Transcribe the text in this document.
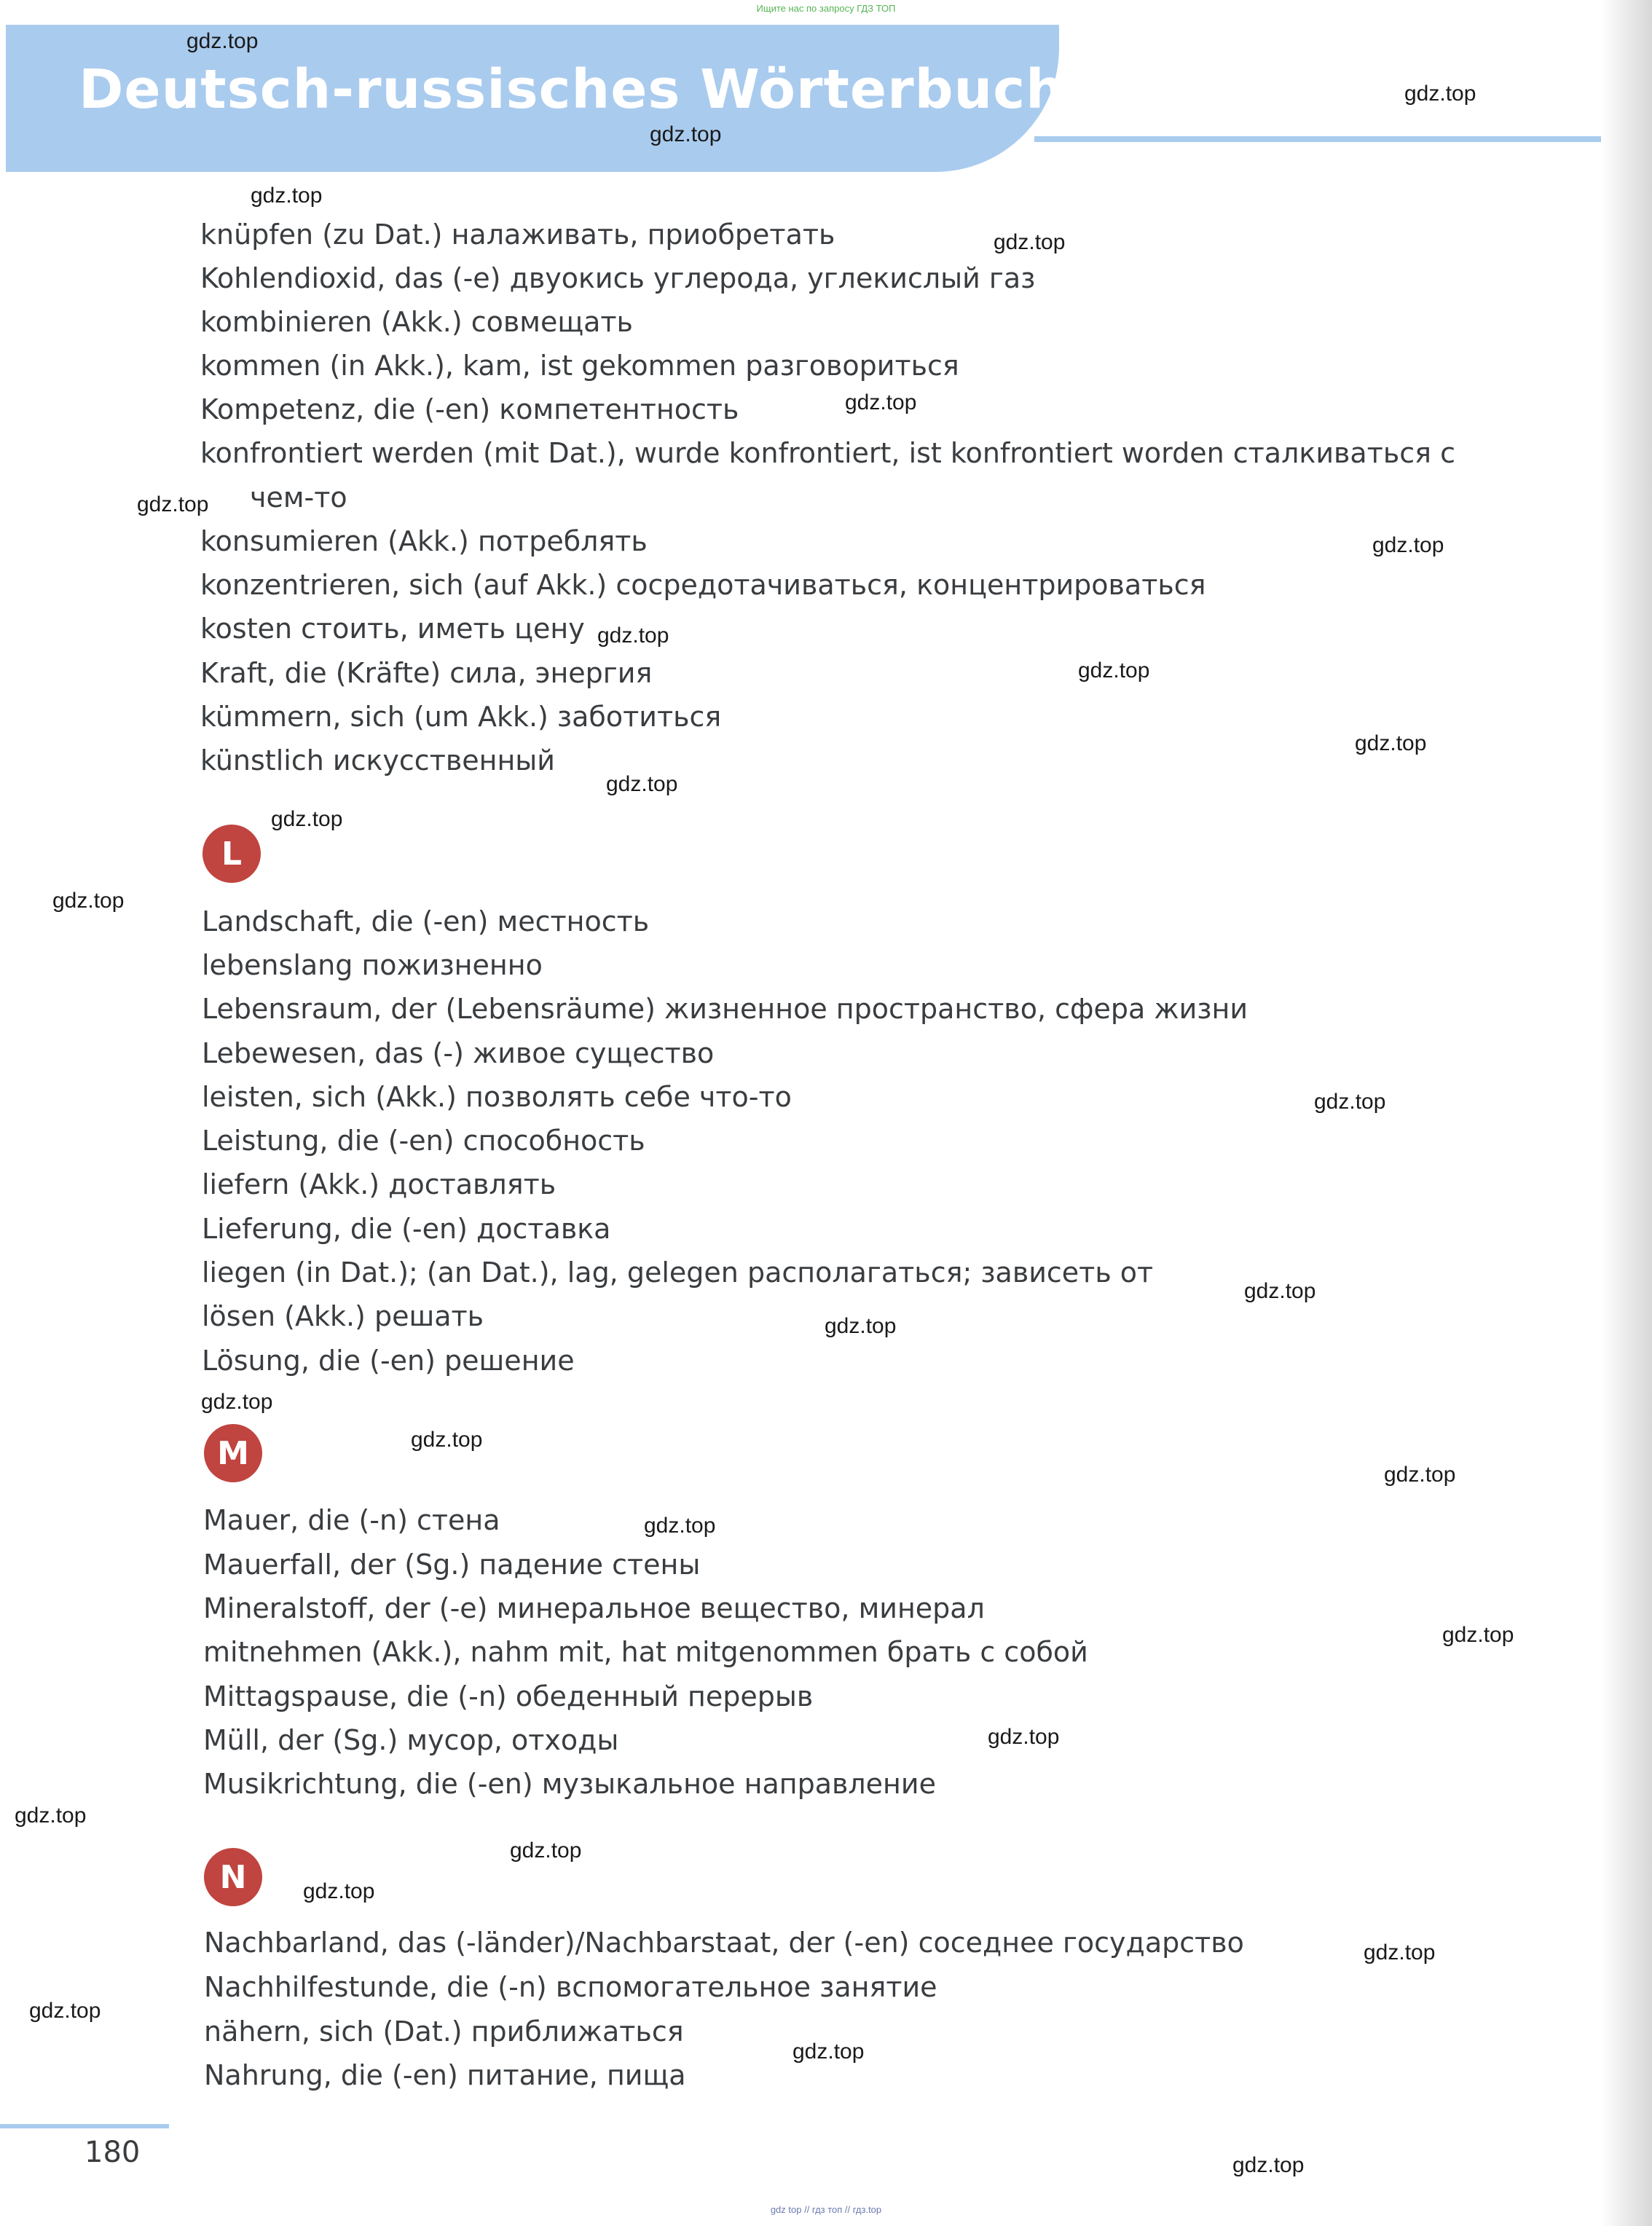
Ищите нас по запросу ГДЗ ТОП
Deutsch-russisches Wörterbuch
knüpfen (zu Dat.) налаживать, приобретать
Kohlendioxid, das (-e) двуокись углерода, углекислый газ
kombinieren (Akk.) совмещать
kommen (in Akk.), kam, ist gekommen разговориться
Kompetenz, die (-en) компетентность
konfrontiert werden (mit Dat.), wurde konfrontiert, ist konfrontiert worden сталкиваться с
чем-то
konsumieren (Akk.) потреблять
konzentrieren, sich (auf Akk.) сосредотачиваться, концентрироваться
kosten стоить, иметь цену
Kraft, die (Kräfte) сила, энергия
kümmern, sich (um Akk.) заботиться
künstlich искусственный
L
Landschaft, die (-en) местность
lebenslang пожизненно
Lebensraum, der (Lebensräume) жизненное пространство, сфера жизни
Lebewesen, das (-) живое существо
leisten, sich (Akk.) позволять себе что-то
Leistung, die (-en) способность
liefern (Akk.) доставлять
Lieferung, die (-en) доставка
liegen (in Dat.); (an Dat.), lag, gelegen располагаться; зависеть от
lösen (Akk.) решать
Lösung, die (-en) решение
M
Mauer, die (-n) стена
Mauerfall, der (Sg.) падение стены
Mineralstoff, der (-e) минеральное вещество, минерал
mitnehmen (Akk.), nahm mit, hat mitgenommen брать с собой
Mittagspause, die (-n) обеденный перерыв
Müll, der (Sg.) мусор, отходы
Musikrichtung, die (-en) музыкальное направление
N
Nachbarland, das (-länder)/Nachbarstaat, der (-en) соседнее государство
Nachhilfestunde, die (-n) вспомогательное занятие
nähern, sich (Dat.) приближаться
Nahrung, die (-en) питание, пища
gdz.top
gdz.top
gdz.top
gdz.top
gdz.top
gdz.top
gdz.top
gdz.top
gdz.top
gdz.top
gdz.top
gdz.top
gdz.top
gdz.top
gdz.top
gdz.top
gdz.top
gdz.top
gdz.top
gdz.top
gdz.top
gdz.top
gdz.top
gdz.top
gdz.top
gdz.top
gdz.top
gdz.top
gdz.top
gdz.top
180
gdz top // гдз топ // гдз.top
